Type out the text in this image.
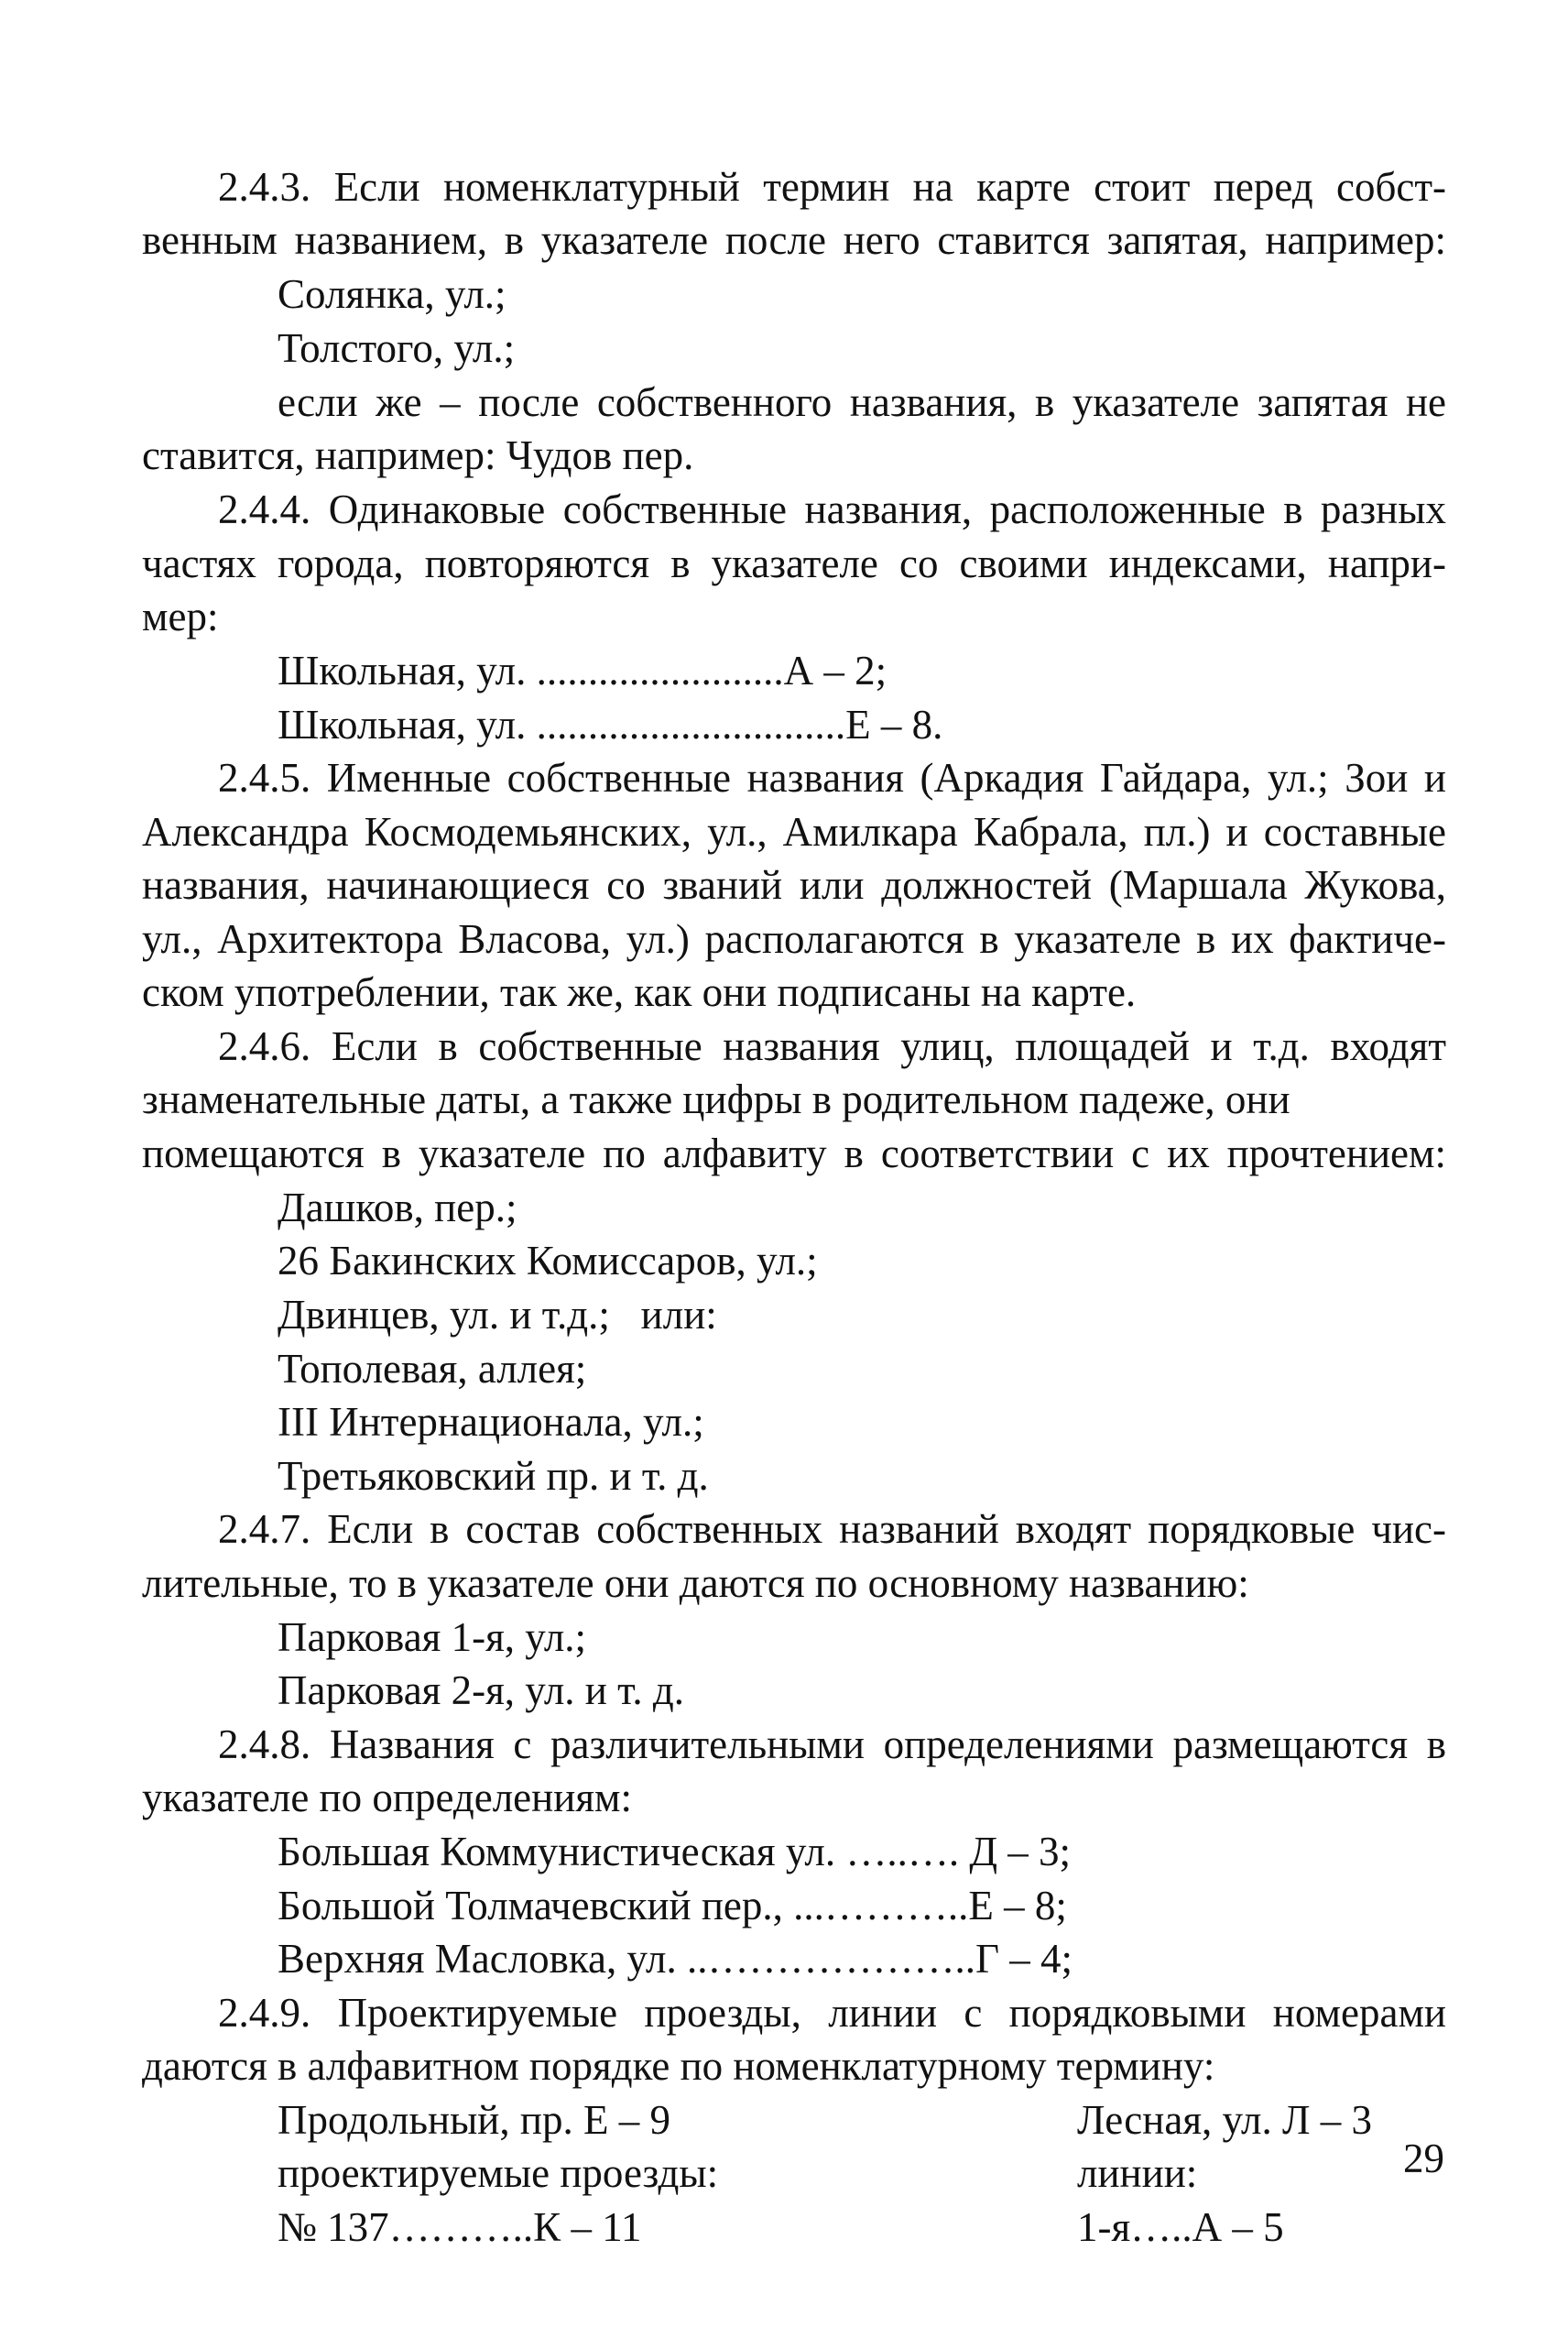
2.4.3. Если номенклатурный термин на карте стоит перед собст-
венным названием, в указателе после него ставится запятая, например:
Солянка, ул.;
Толстого, ул.;
если же – после собственного названия, в указателе запятая не
ставится, например: Чудов пер.
2.4.4. Одинаковые собственные названия, расположенные в разных
частях города, повторяются в указателе со своими индексами, напри-
мер:
Школьная, ул. ........................А – 2;
Школьная, ул. ..............................Е – 8.
2.4.5. Именные собственные названия (Аркадия Гайдара, ул.; Зои и
Александра Космодемьянских, ул., Амилкара Кабрала, пл.) и составные
названия, начинающиеся со званий или должностей (Маршала Жукова,
ул., Архитектора Власова, ул.) располагаются в указателе в их фактиче-
ском употреблении, так же, как они подписаны на карте.
2.4.6. Если в собственные названия улиц, площадей и т.д. входят
знаменательные даты, а также цифры в родительном падеже, они
помещаются в указателе по алфавиту в соответствии с их прочтением:
Дашков, пер.;
26 Бакинских Комиссаров, ул.;
Двинцев, ул. и т.д.;   или:
Тополевая, аллея;
III Интернационала, ул.;
Третьяковский пр. и т. д.
2.4.7. Если в состав собственных названий входят порядковые чис-
лительные, то в указателе они даются по основному названию:
Парковая 1-я, ул.;
Парковая 2-я, ул. и т. д.
2.4.8. Названия с различительными определениями размещаются в
указателе по определениям:
Большая Коммунистическая ул. …..…. Д – 3;
Большой Толмачевский пер., ...………..Е – 8;
Верхняя Масловка, ул. ..………………..Г – 4;
2.4.9. Проектируемые проезды, линии с порядковыми номерами
даются в алфавитном порядке по номенклатурному термину:
Продольный, пр. Е – 9
проектируемые проезды:
№ 137………..К – 11
Лесная, ул. Л – 3
линии:
1-я…..А – 5
29
